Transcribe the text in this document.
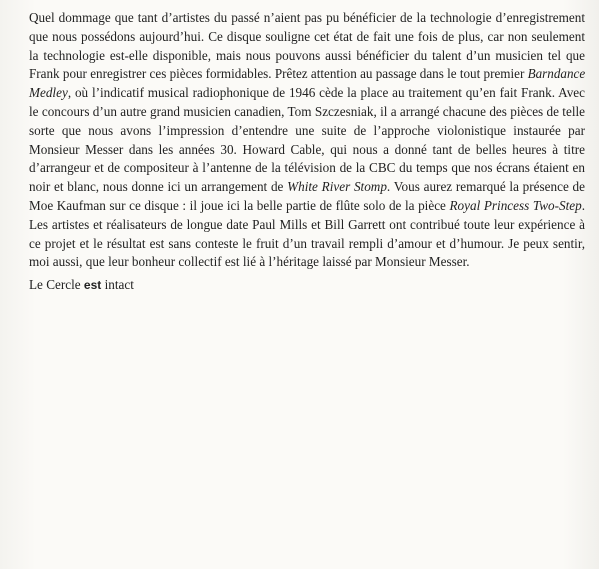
Quel dommage que tant d’artistes du passé n’aient pas pu bénéficier de la technologie d’enregistrement
que nous possédons aujourd’hui. Ce disque souligne cet état de fait une fois de plus, car non seulement
la technologie est-elle disponible, mais nous pouvons aussi bénéficier du talent d’un musicien tel que
Frank pour enregistrer ces pièces formidables. Prêtez attention au passage dans le tout premier Barndance
Medley, où l’indicatif musical radiophonique de 1946 cède la place au traitement qu’en fait Frank. Avec
le concours d’un autre grand musicien canadien, Tom Szczesniak, il a arrangé chacune des pièces de telle
sorte que nous avons l’impression d’entendre une suite de l’approche violonistique instaurée par
Monsieur Messer dans les années 30. Howard Cable, qui nous a donné tant de belles heures à titre
d’arrangeur et de compositeur à l’antenne de la télévision de la CBC du temps que nos écrans étaient en
noir et blanc, nous donne ici un arrangement de White River Stomp. Vous aurez remarqué la présence de
Moe Kaufman sur ce disque : il joue ici la belle partie de flûte solo de la pièce Royal Princess Two-Step.
Les artistes et réalisateurs de longue date Paul Mills et Bill Garrett ont contribué toute leur expérience à
ce projet et le résultat est sans conteste le fruit d’un travail rempli d’amour et d’humour. Je peux sentir,
moi aussi, que leur bonheur collectif est lié à l’héritage laissé par Monsieur Messer.
Le Cercle est intact
